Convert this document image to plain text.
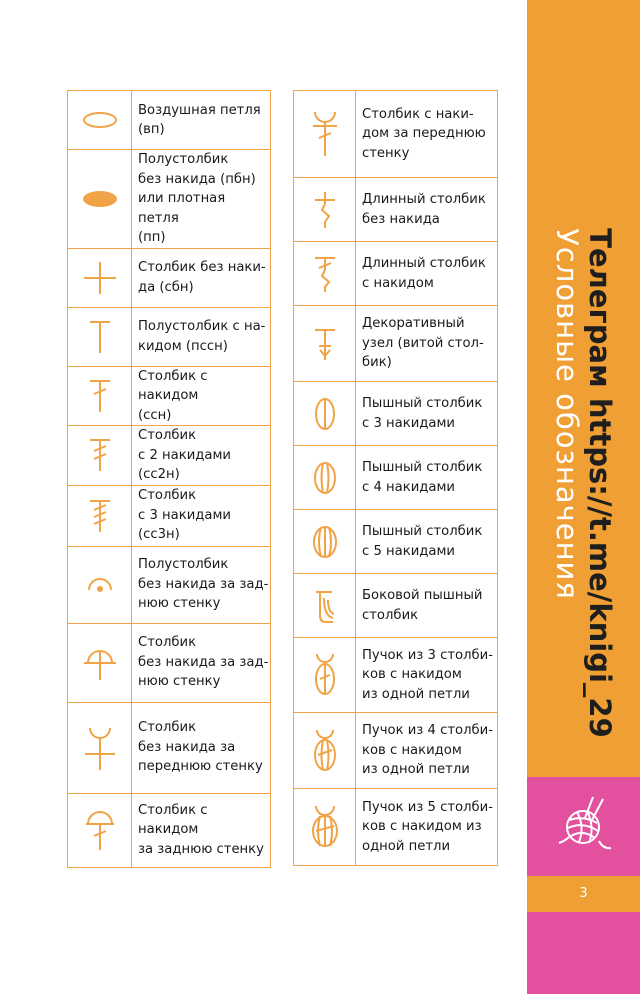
	Воздушная петля
(вп)

	Полустолбик
без накида (пбн)
или плотная петля
(пп)

	Столбик без наки-
да (сбн)

	Полустолбик с на-
кидом (пссн)

	Столбик с накидом
(ссн)

	Столбик
с 2 накидами (сс2н)

	Столбик
с 3 накидами (сс3н)

	Полустолбик
без накида за зад-
нюю стенку

	Столбик
без накида за зад-
нюю стенку

	Столбик
без накида за
переднюю стенку

	Столбик с накидом
за заднюю стенку
	Столбик с наки-
дом за переднюю
стенку

	Длинный столбик
без накида

	Длинный столбик
с накидом

	Декоративный
узел (витой стол-
бик)

	Пышный столбик
с 3 накидами

	Пышный столбик
с 4 накидами

	Пышный столбик
с 5 накидами

	Боковой пышный
столбик

	Пучок из 3 столби-
ков с накидом
из одной петли

	Пучок из 4 столби-
ков с накидом
из одной петли

	Пучок из 5 столби-
ков с накидом из
одной петли
Телеграм https://t.me/knigi_29
Условные обозначения
3
